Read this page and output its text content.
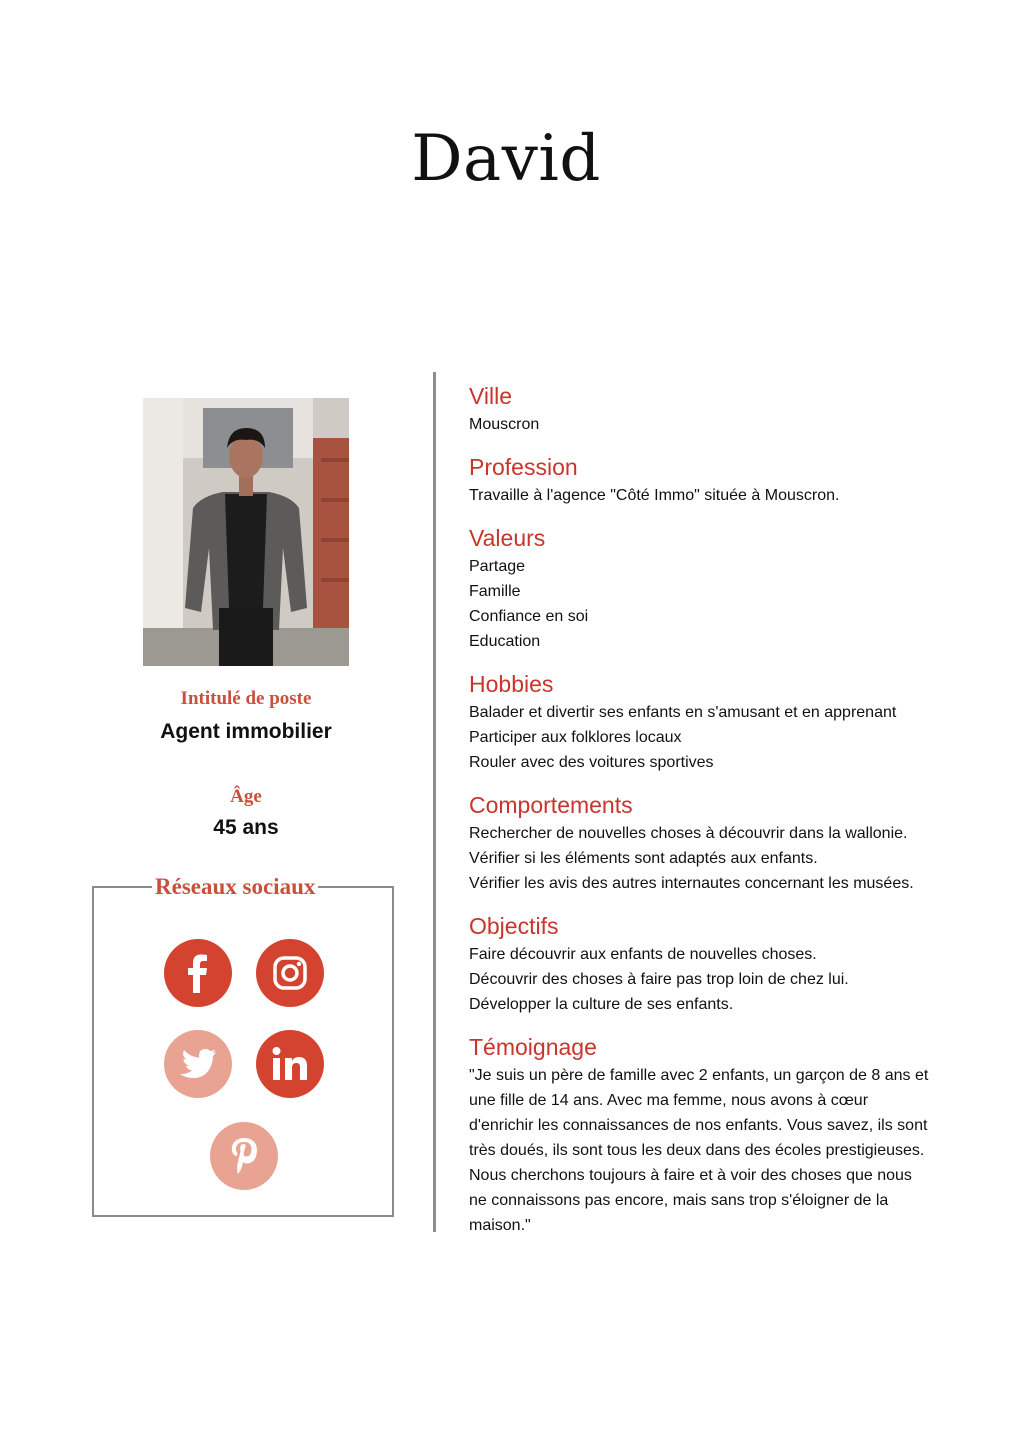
David
Intitulé de poste
Agent immobilier
Âge
45 ans
Réseaux sociaux
Ville
Mouscron
Profession
Travaille à l'agence "Côté Immo" située à Mouscron.
Valeurs
Partage
Famille
Confiance en soi
Education
Hobbies
Balader et divertir ses enfants en s'amusant et en apprenant
Participer aux folklores locaux
Rouler avec des voitures sportives
Comportements
Rechercher de nouvelles choses à découvrir dans la wallonie.
Vérifier si les éléments sont adaptés aux enfants.
Vérifier les avis des autres internautes concernant les musées.
Objectifs
Faire découvrir aux enfants de nouvelles choses.
Découvrir des choses à faire pas trop loin de chez lui.
Développer la culture de ses enfants.
Témoignage
"Je suis un père de famille avec 2 enfants, un garçon de 8 ans et
une fille de 14 ans. Avec ma femme, nous avons à cœur
d'enrichir les connaissances de nos enfants. Vous savez, ils sont
très doués, ils sont tous les deux dans des écoles prestigieuses.
Nous cherchons toujours à faire et à voir des choses que nous
ne connaissons pas encore, mais sans trop s'éloigner de la
maison."
